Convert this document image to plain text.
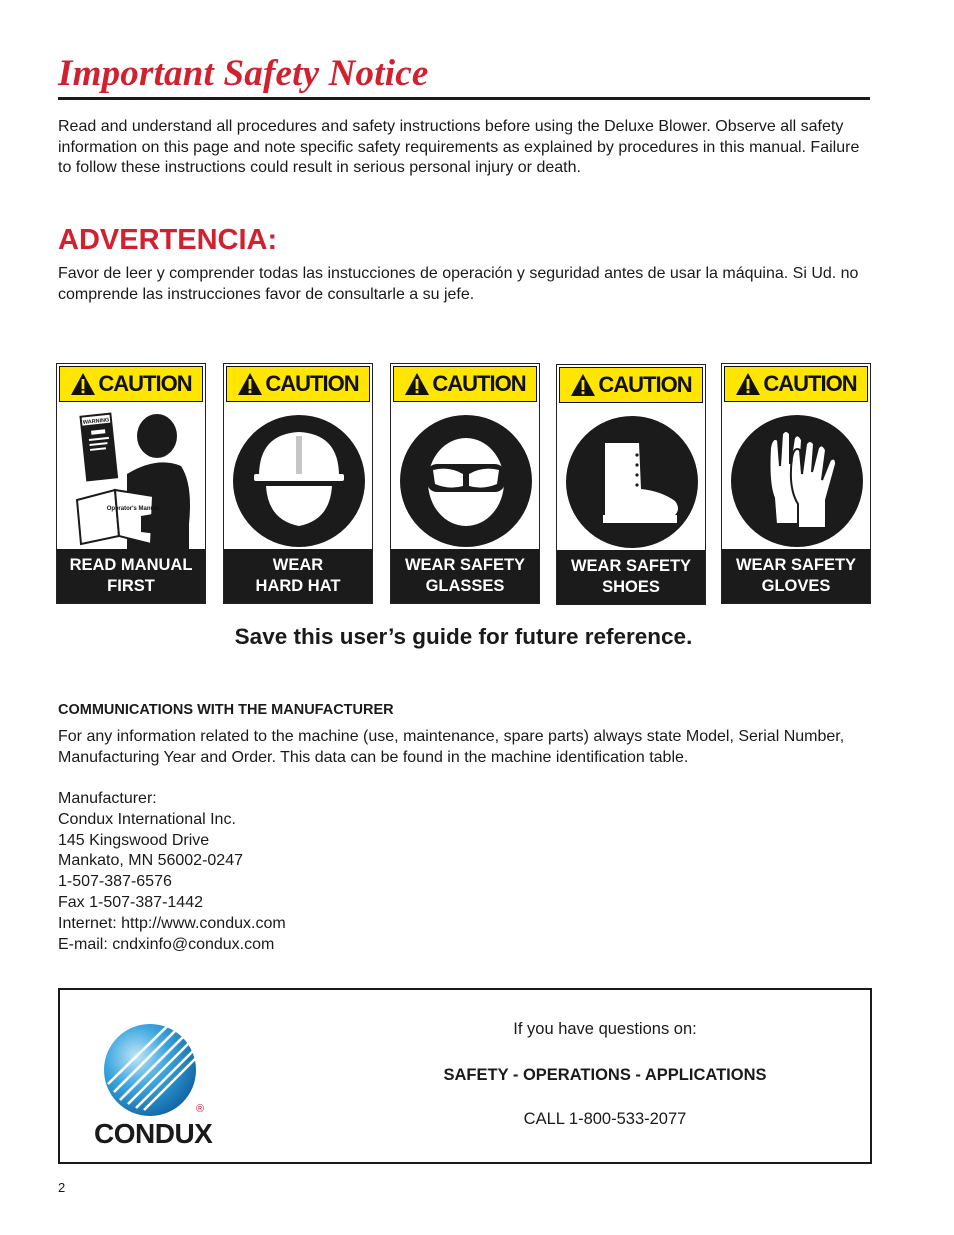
Important Safety Notice
Read and understand all procedures and safety instructions before using the Deluxe Blower. Observe all safety information on this page and note specific safety requirements as explained by procedures in this manual. Failure to follow these instructions could result in serious personal injury or death.
ADVERTENCIA:
Favor de leer y comprender todas las instucciones de operación y seguridad antes de usar la máquina. Si Ud. no comprende las instrucciones favor de consultarle a su jefe.
CAUTION
WARNING
Operator's Manual
READ MANUAL
FIRST
CAUTION
WEAR
HARD HAT
CAUTION
WEAR SAFETY
GLASSES
CAUTION
WEAR SAFETY
SHOES
CAUTION
WEAR SAFETY
GLOVES
Save this user’s guide for future reference.
COMMUNICATIONS WITH THE MANUFACTURER
For any information related to the machine (use, maintenance, spare parts) always state Model, Serial Number, Manufacturing Year and Order. This data can be found in the machine identification table.
Manufacturer:
Condux International Inc.
145 Kingswood Drive
Mankato, MN 56002-0247
1-507-387-6576
Fax 1-507-387-1442
Internet: http://www.condux.com
E-mail: cndxinfo@condux.com
®
CONDUX
If you have questions on:
SAFETY - OPERATIONS - APPLICATIONS
CALL 1-800-533-2077
2
